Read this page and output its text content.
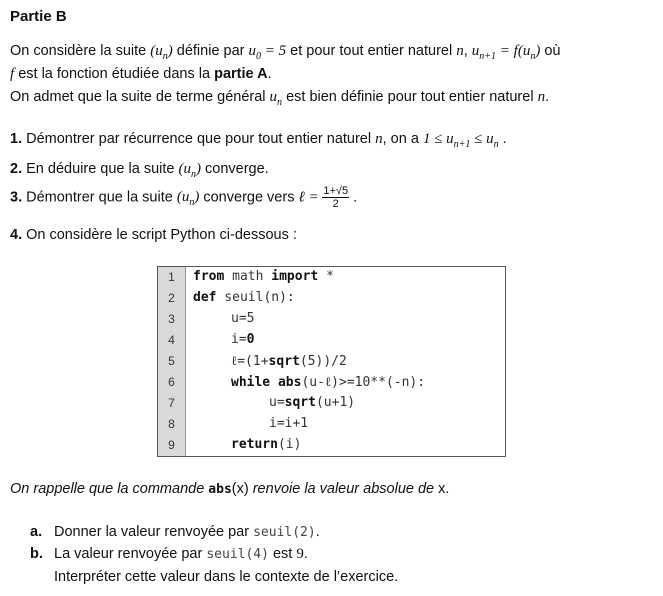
Partie B
On considère la suite $(u_n)$ définie par $u_0 = 5$ et pour tout entier naturel n, $u_{n+1} = f(u_n)$ où
f est la fonction étudiée dans la partie A.
On admet que la suite de terme général $u_n$ est bien définie pour tout entier naturel n.
1. Démontrer par récurrence que pour tout entier naturel n, on a $1 \le u_{n+1} \le u_n$ .
2. En déduire que la suite $(u_n)$ converge.
3. Démontrer que la suite $(u_n)$ converge vers ℓ = $\frac{1+√5}{2}$ .
4. On considère le script Python ci-dessous :
1
2
3
4
5
6
7
8
9
from math import *
def seuil(n):
u=5
i=0
ℓ=(1+sqrt(5))/2
while abs(u-ℓ)>=10**(-n):
u=sqrt(u+1)
i=i+1
return(i)
On rappelle que la commande abs(x) renvoie la valeur absolue de x.
a. Donner la valeur renvoyée par seuil(2).
b. La valeur renvoyée par seuil(4) est 9.
Interpréter cette valeur dans le contexte de l’exercice.
